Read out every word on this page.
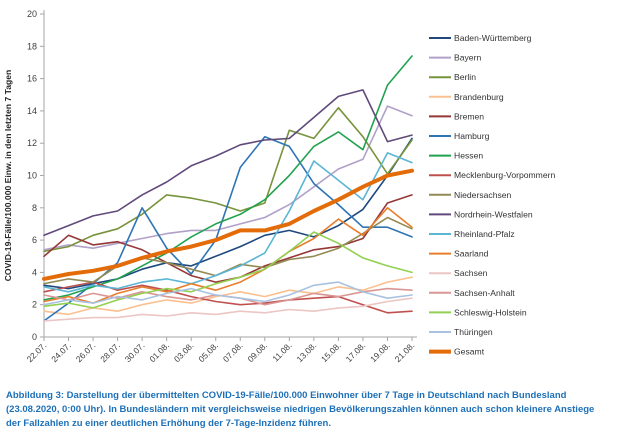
0
2
4
6
8
10
12
14
16
18
20
22.07. 24.07. 26.07. 28.07. 30.07. 01.08. 03.08. 05.08. 07.08. 09.08. 11.08. 13.08. 15.08. 17.08. 19.08. 21.08.
COVID-19-Fälle/100.000 Einw. in den letzten 7 Tagen
Baden-Württemberg
Bayern
Berlin
Brandenburg
Bremen
Hamburg
Hessen
Mecklenburg-Vorpommern
Niedersachsen
Nordrhein-Westfalen
Rheinland-Pfalz
Saarland
Sachsen
Sachsen-Anhalt
Schleswig-Holstein
Thüringen
Gesamt
Abbildung 3: Darstellung der übermittelten COVID-19-Fälle/100.000 Einwohner über 7 Tage in Deutschland nach Bundesland (23.08.2020, 0:00 Uhr). In Bundesländern mit vergleichsweise niedrigen Bevölkerungszahlen können auch schon kleinere Anstiege der Fallzahlen zu einer deutlichen Erhöhung der 7-Tage-Inzidenz führen.
